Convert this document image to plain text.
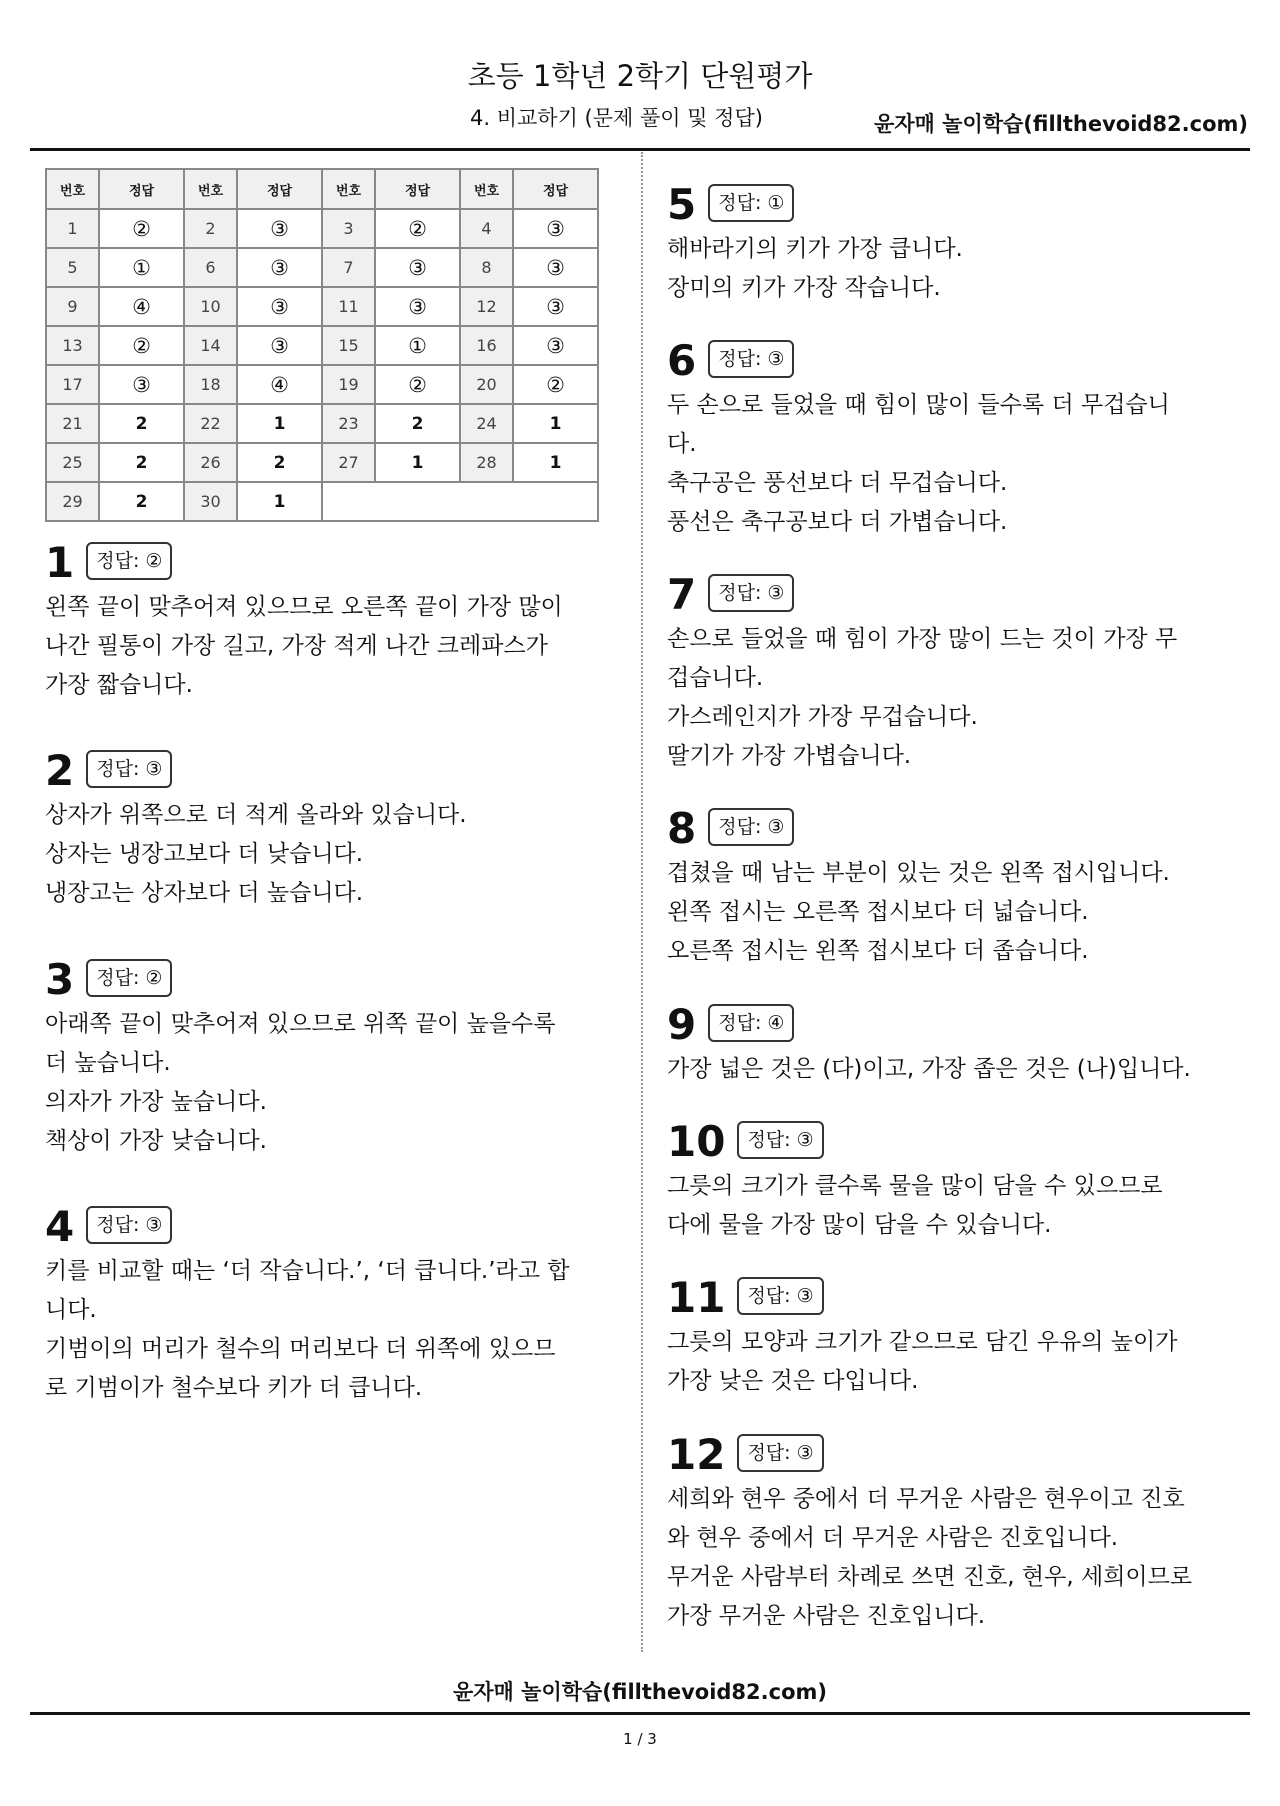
초등 1학년 2학기 단원평가
4. 비교하기 (문제 풀이 및 정답)	윤자매 놀이학습(fillthevoid82.com)
번호	정답	번호	정답	번호	정답	번호	정답
1	②	2	③	3	②	4	③
5	①	6	③	7	③	8	③
9	④	10	③	11	③	12	③
13	②	14	③	15	①	16	③
17	③	18	④	19	②	20	②
21	2	22	1	23	2	24	1
25	2	26	2	27	1	28	1
29	2	30	1				
1	정답: ②
왼쪽 끝이 맞추어져 있으므로 오른쪽 끝이 가장 많이
나간 필통이 가장 길고, 가장 적게 나간 크레파스가
가장 짧습니다.
2	정답: ③
상자가 위쪽으로 더 적게 올라와 있습니다.
상자는 냉장고보다 더 낮습니다.
냉장고는 상자보다 더 높습니다.
3	정답: ②
아래쪽 끝이 맞추어져 있으므로 위쪽 끝이 높을수록
더 높습니다.
의자가 가장 높습니다.
책상이 가장 낮습니다.
4	정답: ③
키를 비교할 때는 ‘더 작습니다.’, ‘더 큽니다.’라고 합
니다.
기범이의 머리가 철수의 머리보다 더 위쪽에 있으므
로 기범이가 철수보다 키가 더 큽니다.
5	정답: ①
해바라기의 키가 가장 큽니다.
장미의 키가 가장 작습니다.
6	정답: ③
두 손으로 들었을 때 힘이 많이 들수록 더 무겁습니
다.
축구공은 풍선보다 더 무겁습니다.
풍선은 축구공보다 더 가볍습니다.
7	정답: ③
손으로 들었을 때 힘이 가장 많이 드는 것이 가장 무
겁습니다.
가스레인지가 가장 무겁습니다.
딸기가 가장 가볍습니다.
8	정답: ③
겹쳤을 때 남는 부분이 있는 것은 왼쪽 접시입니다.
왼쪽 접시는 오른쪽 접시보다 더 넓습니다.
오른쪽 접시는 왼쪽 접시보다 더 좁습니다.
9	정답: ④
가장 넓은 것은 (다)이고, 가장 좁은 것은 (나)입니다.
10	정답: ③
그릇의 크기가 클수록 물을 많이 담을 수 있으므로
다에 물을 가장 많이 담을 수 있습니다.
11	정답: ③
그릇의 모양과 크기가 같으므로 담긴 우유의 높이가
가장 낮은 것은 다입니다.
12	정답: ③
세희와 현우 중에서 더 무거운 사람은 현우이고 진호
와 현우 중에서 더 무거운 사람은 진호입니다.
무거운 사람부터 차례로 쓰면 진호, 현우, 세희이므로
가장 무거운 사람은 진호입니다.
윤자매 놀이학습(fillthevoid82.com)
1 / 3
